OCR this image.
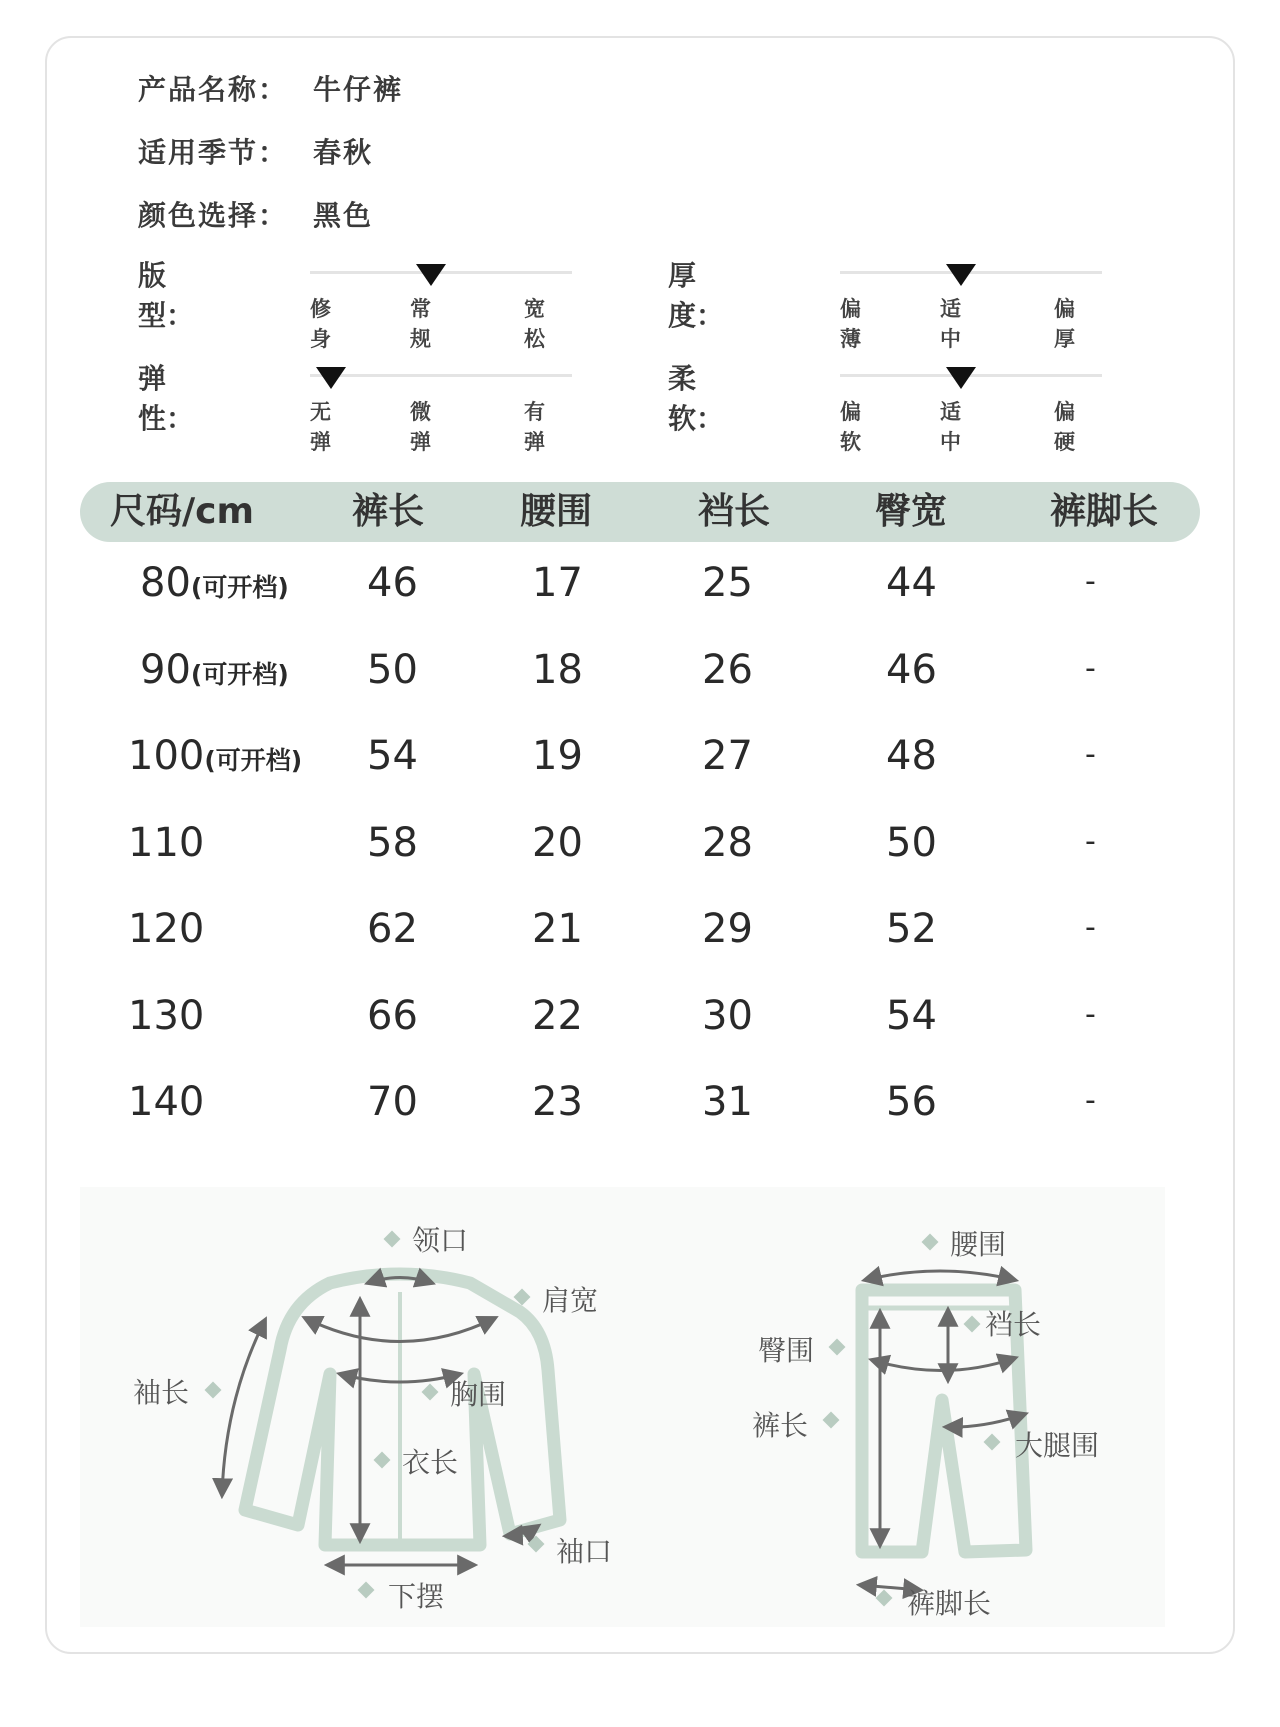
产品名称： 牛仔裤
适用季节： 春秋
颜色选择： 黑色
版　　型：	修身
常规
宽松
厚　　度：	偏薄
适中
偏厚
弹　　性：	无弹
微弹
有弹
柔　　软：	偏软
适中
偏硬
尺码/cm	裤长	腰围	裆长	臀宽	裤脚长
80(可开档) 46	17	25	44	-
90(可开档) 50	18	26	46	-
100(可开档) 54	19	27	48	-
110	58	20	28	50	-
120	62	21	29	52	-
130	66	22	30	54	-
140	70	23	31	56	-
领口
肩宽
袖长	胸围
衣长
袖口
下摆
腰围
裆长
臀围
裤长
大腿围
裤脚长
